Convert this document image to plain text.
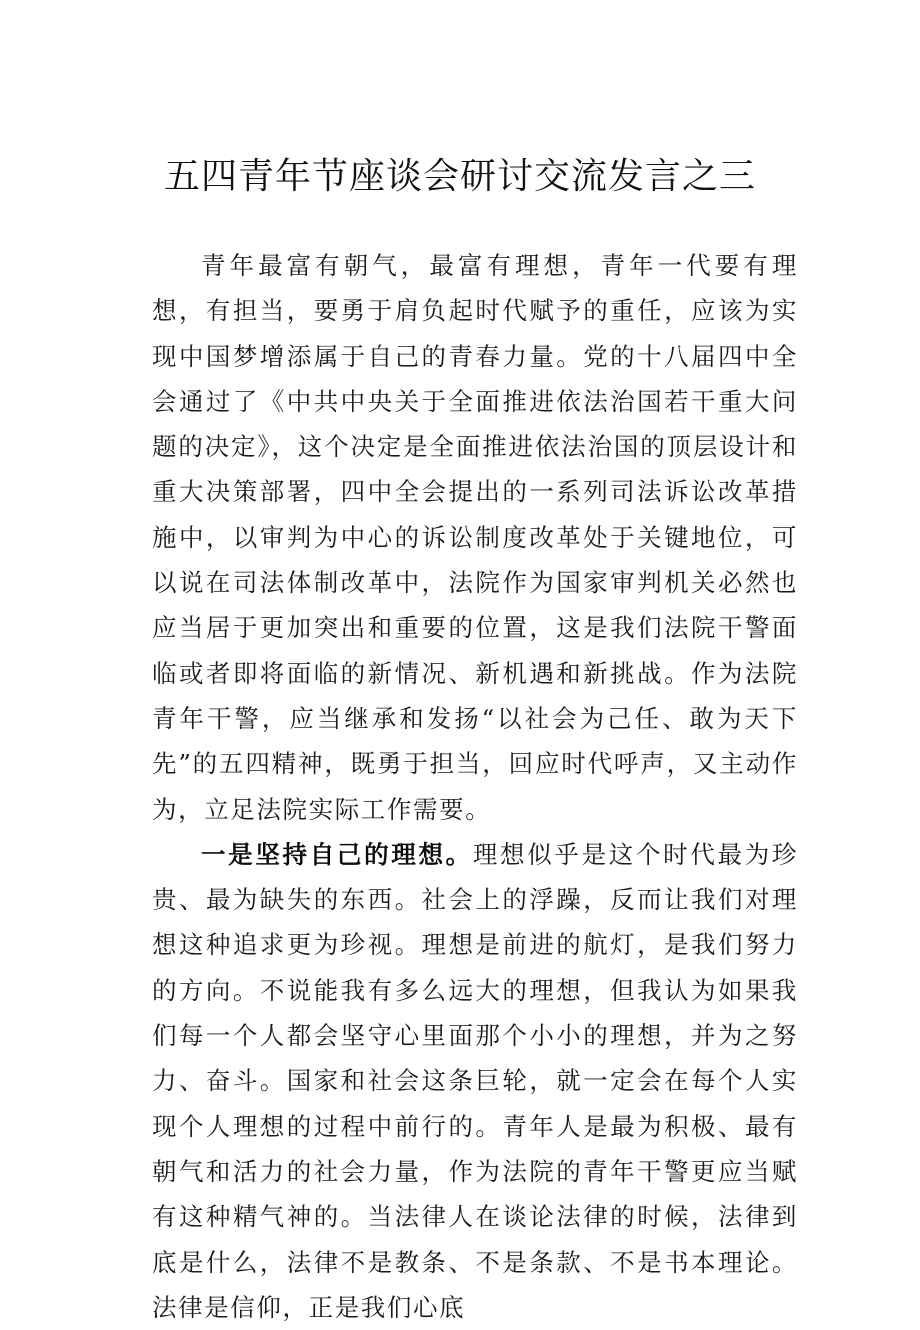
五四青年节座谈会研讨交流发言之三

青年最富有朝气，最富有理想，青年一代要有理想，有担当，要勇于肩负起时代赋予的重任，应该为实现中国梦增添属于自己的青春力量。党的十八届四中全会通过了《中共中央关于全面推进依法治国若干重大问题的决定》，这个决定是全面推进依法治国的顶层设计和重大决策部署，四中全会提出的一系列司法诉讼改革措施中，以审判为中心的诉讼制度改革处于关键地位，可以说在司法体制改革中，法院作为国家审判机关必然也应当居于更加突出和重要的位置，这是我们法院干警面临或者即将面临的新情况、新机遇和新挑战。作为法院青年干警，应当继承和发扬“以社会为己任、敢为天下先”的五四精神，既勇于担当，回应时代呼声，又主动作为，立足法院实际工作需要。

一是坚持自己的理想。理想似乎是这个时代最为珍贵、最为缺失的东西。社会上的浮躁，反而让我们对理想这种追求更为珍视。理想是前进的航灯，是我们努力的方向。不说能我有多么远大的理想，但我认为如果我们每一个人都会坚守心里面那个小小的理想，并为之努力、奋斗。国家和社会这条巨轮，就一定会在每个人实现个人理想的过程中前行的。青年人是最为积极、最有朝气和活力的社会力量，作为法院的青年干警更应当赋有这种精气神的。当法律人在谈论法律的时候，法律到底是什么，法律不是教条、不是条款、不是书本理论。法律是信仰，正是我们心底
